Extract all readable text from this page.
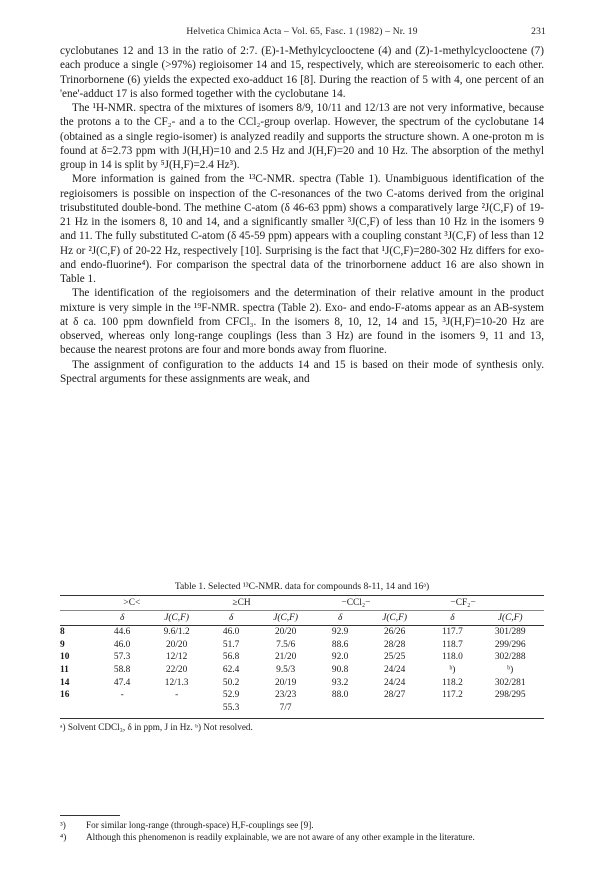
Helvetica Chimica Acta – Vol. 65, Fasc. 1 (1982) – Nr. 19	231

cyclobutanes 12 and 13 in the ratio of 2:7. (E)-1-Methylcyclooctene (4) and (Z)-1-methylcyclooctene (7) each produce a single (>97%) regioisomer 14 and 15, respectively, which are stereoisomeric to each other. Trinorbornene (6) yields the expected exo-adduct 16 [8]. During the reaction of 5 with 4, one percent of an 'ene'-adduct 17 is also formed together with the cyclobutane 14.

The ¹H-NMR. spectra of the mixtures of isomers 8/9, 10/11 and 12/13 are not very informative, because the protons a to the CF₂- and a to the CCl₂-group overlap. However, the spectrum of the cyclobutane 14 (obtained as a single regio-isomer) is analyzed readily and supports the structure shown. A one-proton m is found at δ=2.73 ppm with J(H,H)=10 and 2.5 Hz and J(H,F)=20 and 10 Hz. The absorption of the methyl group in 14 is split by ⁵J(H,F)=2.4 Hz³).

More information is gained from the ¹³C-NMR. spectra (Table 1). Unambiguous identification of the regioisomers is possible on inspection of the C-resonances of the two C-atoms derived from the original trisubstituted double-bond. The methine C-atom (δ 46-63 ppm) shows a comparatively large ²J(C,F) of 19-21 Hz in the isomers 8, 10 and 14, and a significantly smaller ³J(C,F) of less than 10 Hz in the isomers 9 and 11. The fully substituted C-atom (δ 45-59 ppm) appears with a coupling constant ³J(C,F) of less than 12 Hz or ²J(C,F) of 20-22 Hz, respectively [10]. Surprising is the fact that ¹J(C,F)=280-302 Hz differs for exo- and endo-fluorine⁴). For comparison the spectral data of the trinorbornene adduct 16 are also shown in Table 1.

The identification of the regioisomers and the determination of their relative amount in the product mixture is very simple in the ¹⁹F-NMR. spectra (Table 2). Exo- and endo-F-atoms appear as an AB-system at δ ca. 100 ppm downfield from CFCl₃. In the isomers 8, 10, 12, 14 and 15, ³J(H,F)=10-20 Hz are observed, whereas only long-range couplings (less than 3 Hz) are found in the isomers 9, 11 and 13, because the nearest protons are four and more bonds away from fluorine.

The assignment of configuration to the adducts 14 and 15 is based on their mode of synthesis only. Spectral arguments for these assignments are weak, and

Table 1. Selected ¹³C-NMR. data for compounds 8-11, 14 and 16ᵃ)
	>C<		≥CH		−CCl₂−		−CF₂−	
	δ	J(C,F)	δ	J(C,F)	δ	J(C,F)	δ	J(C,F)
8	44.6	9.6/1.2	46.0	20/20	92.9	26/26	117.7	301/289
9	46.0	20/20	51.7	7.5/6	88.6	28/28	118.7	299/296
10	57.3	12/12	56.8	21/20	92.0	25/25	118.0	302/288
11	58.8	22/20	62.4	9.5/3	90.8	24/24	ᵇ)	ᵇ)
14	47.4	12/1.3	50.2	20/19	93.2	24/24	118.2	302/281
16	-	-	52.9	23/23	88.0	28/27	117.2	298/295
			55.3	7/7				
ᵃ) Solvent CDCl₃, δ in ppm, J in Hz. ᵇ) Not resolved.
³)	For similar long-range (through-space) H,F-couplings see [9].
⁴)	Although this phenomenon is readily explainable, we are not aware of any other example in the literature.
